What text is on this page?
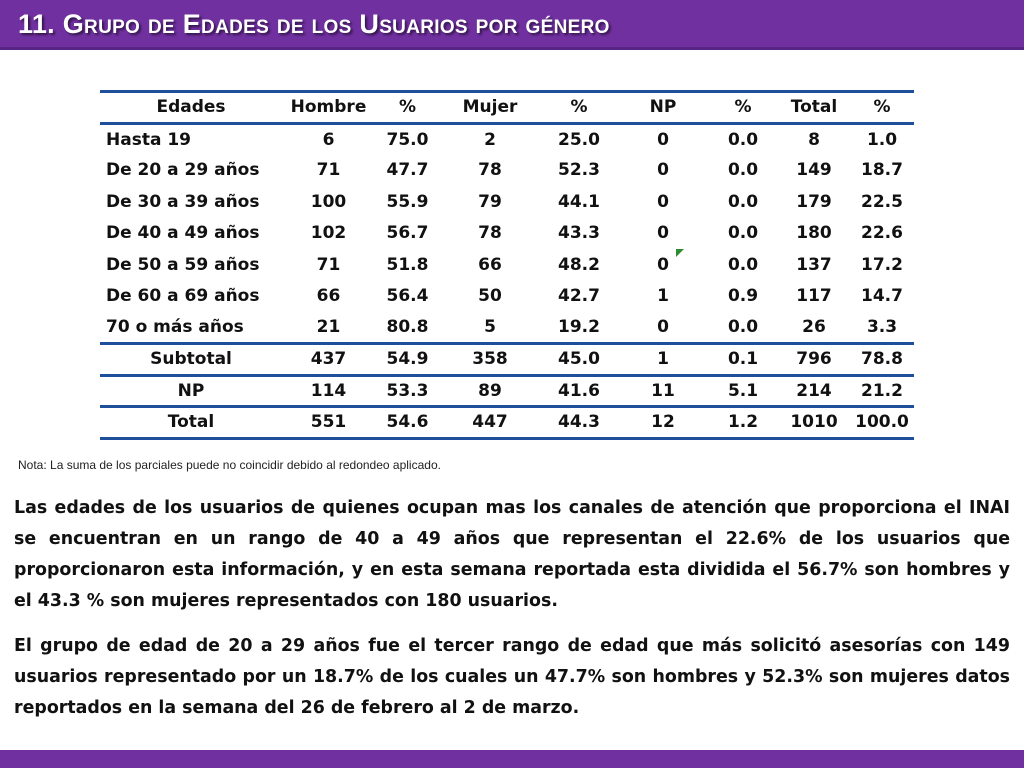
11. Grupo de Edades de los Usuarios por género
Edades	Hombre	%	Mujer	%	NP	%	Total	%
Hasta 19	6	75.0	2	25.0	0	0.0	8	1.0
De 20 a 29 años	71	47.7	78	52.3	0	0.0	149	18.7
De 30 a 39 años	100	55.9	79	44.1	0	0.0	179	22.5
De 40 a 49 años	102	56.7	78	43.3	0	0.0	180	22.6
De 50 a 59 años	71	51.8	66	48.2	0	0.0	137	17.2
De 60 a 69 años	66	56.4	50	42.7	1	0.9	117	14.7
70 o más años	21	80.8	5	19.2	0	0.0	26	3.3
Subtotal	437	54.9	358	45.0	1	0.1	796	78.8
NP	114	53.3	89	41.6	11	5.1	214	21.2
Total	551	54.6	447	44.3	12	1.2	1010	100.0
Nota: La suma de los parciales puede no coincidir debido al redondeo aplicado.

Las edades de los usuarios de quienes ocupan mas los canales de atención que proporciona el INAI se encuentran en un rango de 40 a 49 años que representan el 22.6% de los usuarios que proporcionaron esta información, y en esta semana reportada esta dividida el 56.7% son hombres y el 43.3 % son mujeres representados con 180 usuarios.

El grupo de edad de 20 a 29 años fue el tercer rango de edad que más solicitó asesorías con 149 usuarios representado por un 18.7% de los cuales un 47.7% son hombres y 52.3% son mujeres datos reportados en la semana del 26 de febrero al 2 de marzo.
